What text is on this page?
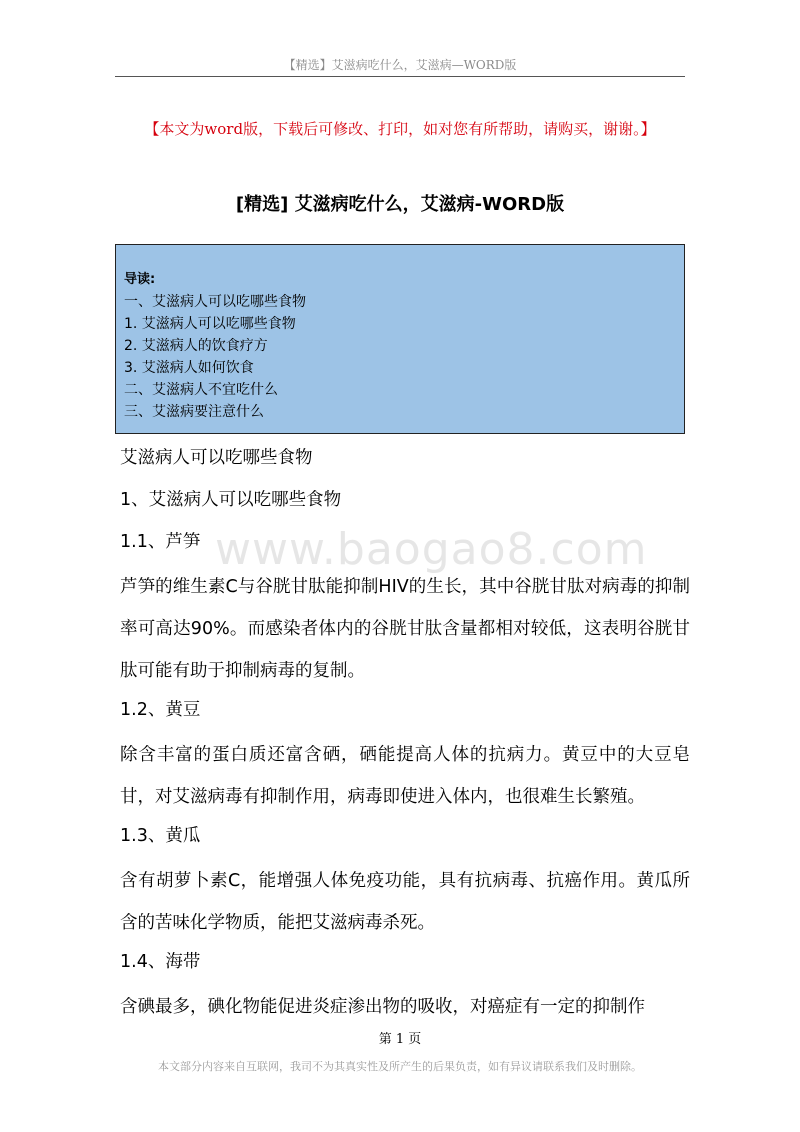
【精选】艾滋病吃什么，艾滋病—WORD版
【本文为word版，下载后可修改、打印，如对您有所帮助，请购买，谢谢。】
[精选] 艾滋病吃什么，艾滋病-WORD版
导读:
一、艾滋病人可以吃哪些食物
1. 艾滋病人可以吃哪些食物
2. 艾滋病人的饮食疗方
3. 艾滋病人如何饮食
二、艾滋病人不宜吃什么
三、艾滋病要注意什么
艾滋病人可以吃哪些食物
1、艾滋病人可以吃哪些食物
1.1、芦笋
芦笋的维生素C与谷胱甘肽能抑制HIV的生长，其中谷胱甘肽对病毒的抑制率可高达90%。而感染者体内的谷胱甘肽含量都相对较低，这表明谷胱甘肽可能有助于抑制病毒的复制。
1.2、黄豆
除含丰富的蛋白质还富含硒，硒能提高人体的抗病力。黄豆中的大豆皂甘，对艾滋病毒有抑制作用，病毒即使进入体内，也很难生长繁殖。
1.3、黄瓜
含有胡萝卜素C，能增强人体免疫功能，具有抗病毒、抗癌作用。黄瓜所含的苦味化学物质，能把艾滋病毒杀死。
1.4、海带
含碘最多，碘化物能促进炎症渗出物的吸收，对癌症有一定的抑制作
www.baogao8.com
第 1 页
本文部分内容来自互联网，我司不为其真实性及所产生的后果负责，如有异议请联系我们及时删除。
